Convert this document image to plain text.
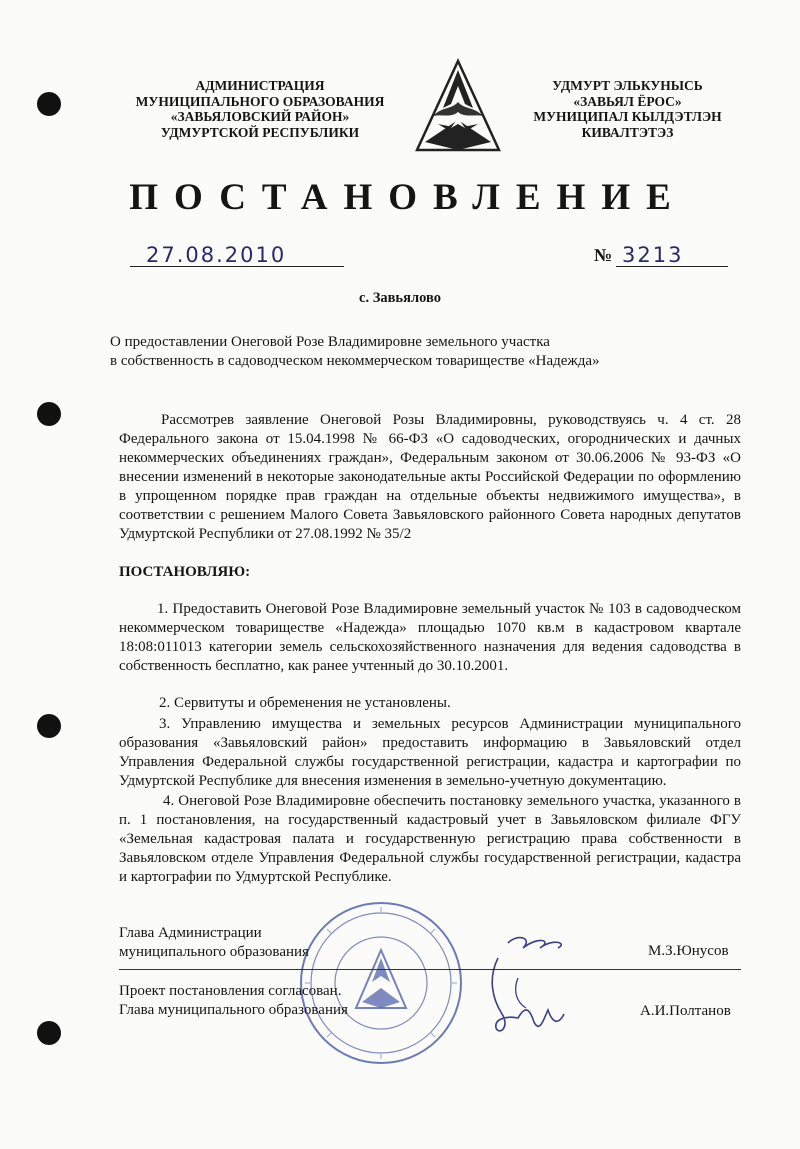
АДМИНИСТРАЦИЯ
МУНИЦИПАЛЬНОГО ОБРАЗОВАНИЯ
«ЗАВЬЯЛОВСКИЙ РАЙОН»
УДМУРТСКОЙ РЕСПУБЛИКИ
УДМУРТ ЭЛЬКУНЫСЬ
«ЗАВЬЯЛ ЁРОС»
МУНИЦИПАЛ КЫЛДЭТЛЭН
КИВАЛТЭТЭЗ
ПОСТАНОВЛЕНИЕ
27.08.2010	№ 3213
с. Завьялово
О предоставлении Онеговой Розе Владимировне земельного участка
в собственность в садоводческом некоммерческом товариществе «Надежда»
Рассмотрев заявление Онеговой Розы Владимировны, руководствуясь ч. 4 ст. 28 Федерального закона от 15.04.1998 № 66-ФЗ «О садоводческих, огороднических и дачных некоммерческих объединениях граждан», Федеральным законом от 30.06.2006 № 93-ФЗ «О внесении изменений в некоторые законодательные акты Российской Федерации по оформлению в упрощенном порядке прав граждан на отдельные объекты недвижимого имущества», в соответствии с решением Малого Совета Завьяловского районного Совета народных депутатов Удмуртской Республики от 27.08.1992 № 35/2
ПОСТАНОВЛЯЮ:
1. Предоставить Онеговой Розе Владимировне земельный участок № 103 в садоводческом некоммерческом товариществе «Надежда» площадью 1070 кв.м в кадастровом квартале 18:08:011013 категории земель сельскохозяйственного назначения для ведения садоводства в собственность бесплатно, как ранее учтенный до 30.10.2001.
2. Сервитуты и обременения не установлены.
3. Управлению имущества и земельных ресурсов Администрации муниципального образования «Завьяловский район» предоставить информацию в Завьяловский отдел Управления Федеральной службы государственной регистрации, кадастра и картографии по Удмуртской Республике для внесения изменения в земельно-учетную документацию.
4. Онеговой Розе Владимировне обеспечить постановку земельного участка, указанного в п. 1 постановления, на государственный кадастровый учет в Завьяловском филиале ФГУ «Земельная кадастровая палата и государственную регистрацию права собственности в Завьяловском отделе Управления Федеральной службы государственной регистрации, кадастра и картографии по Удмуртской Республике.
Глава Администрации
муниципального образования	М.З.Юнусов
Проект постановления согласован.
Глава муниципального образования	А.И.Полтанов
